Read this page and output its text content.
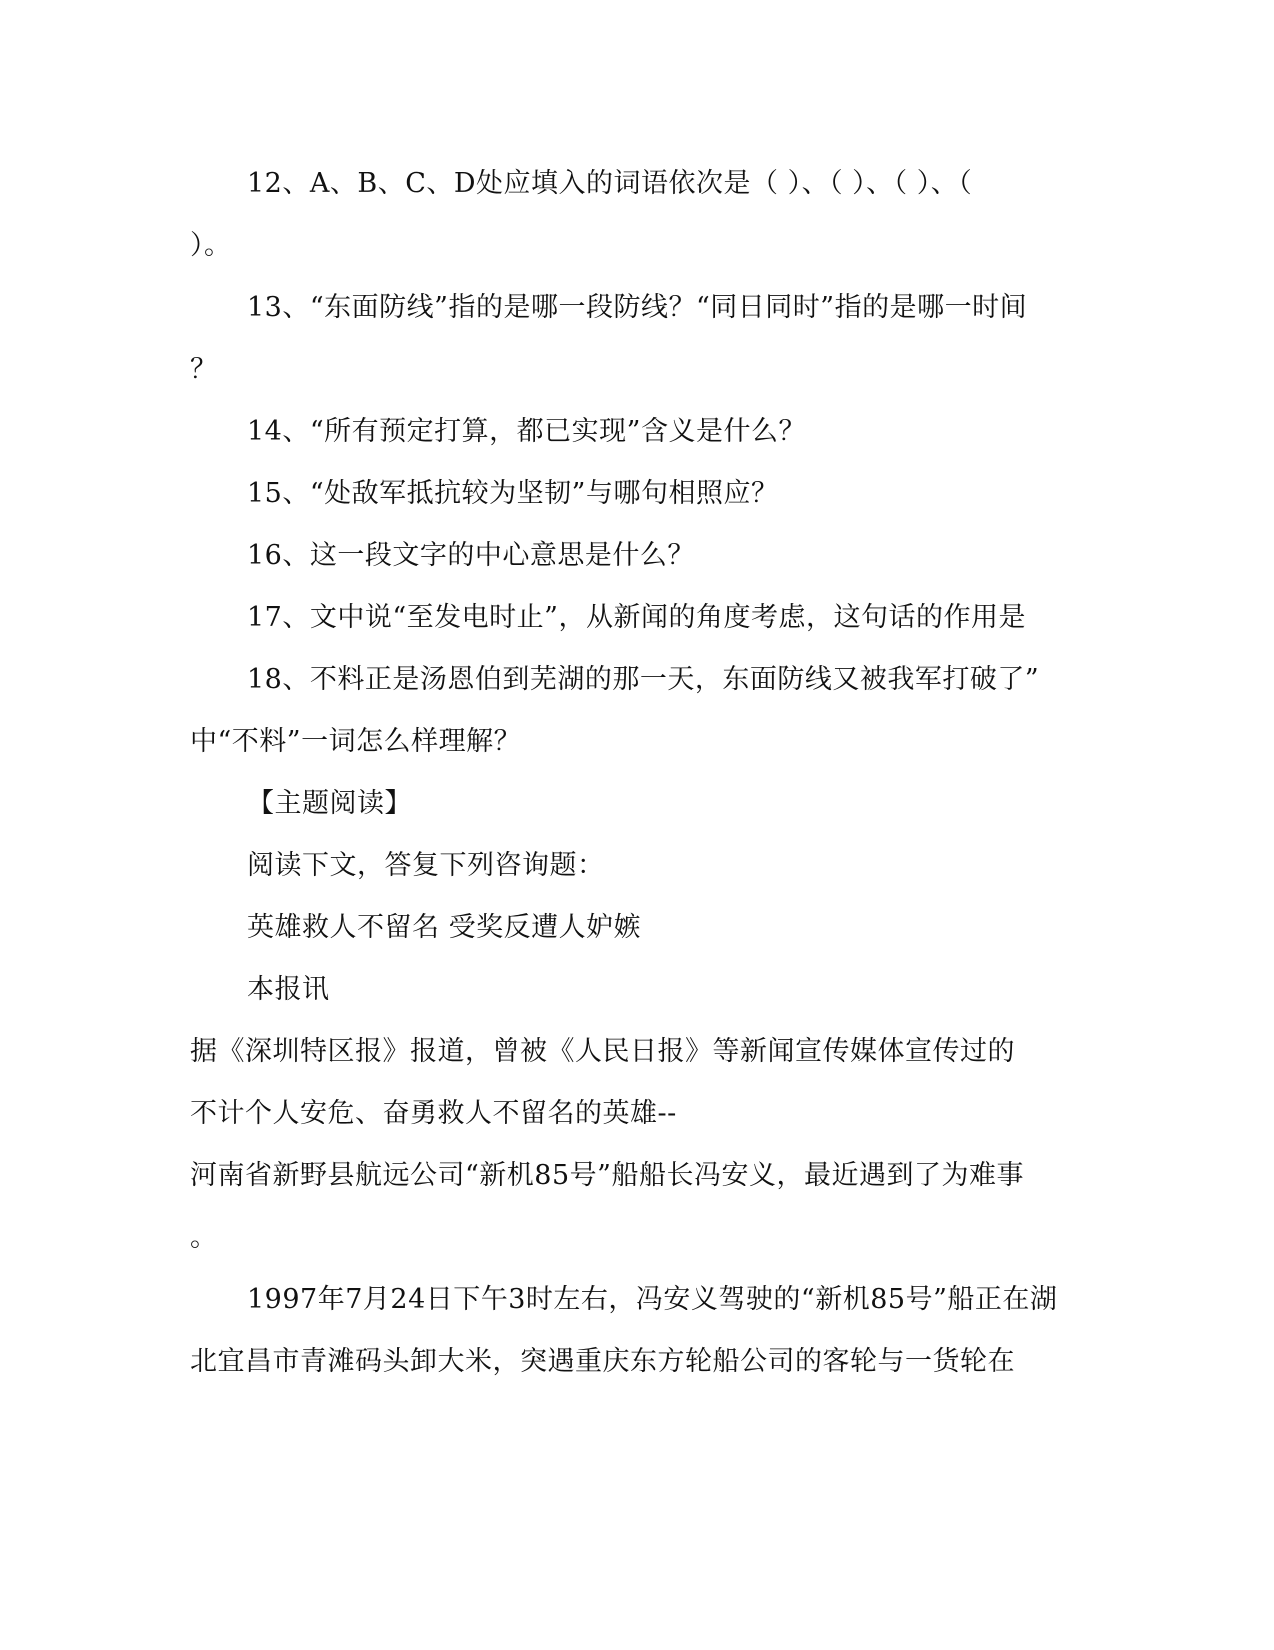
12、A、B、C、D处应填入的词语依次是（ ）、（ ）、（ ）、（
）。
13、“东面防线”指的是哪一段防线？“同日同时”指的是哪一时间
？
14、“所有预定打算，都已实现”含义是什么？
15、“处敌军抵抗较为坚韧”与哪句相照应？
16、这一段文字的中心意思是什么？
17、文中说“至发电时止”，从新闻的角度考虑，这句话的作用是
18、不料正是汤恩伯到芜湖的那一天，东面防线又被我军打破了”
中“不料”一词怎么样理解？
【主题阅读】
阅读下文，答复下列咨询题：
英雄救人不留名 受奖反遭人妒嫉
本报讯
据《深圳特区报》报道，曾被《人民日报》等新闻宣传媒体宣传过的
不计个人安危、奋勇救人不留名的英雄--
河南省新野县航远公司“新机85号”船船长冯安义，最近遇到了为难事
。
1997年7月24日下午3时左右，冯安义驾驶的“新机85号”船正在湖
北宜昌市青滩码头卸大米，突遇重庆东方轮船公司的客轮与一货轮在
